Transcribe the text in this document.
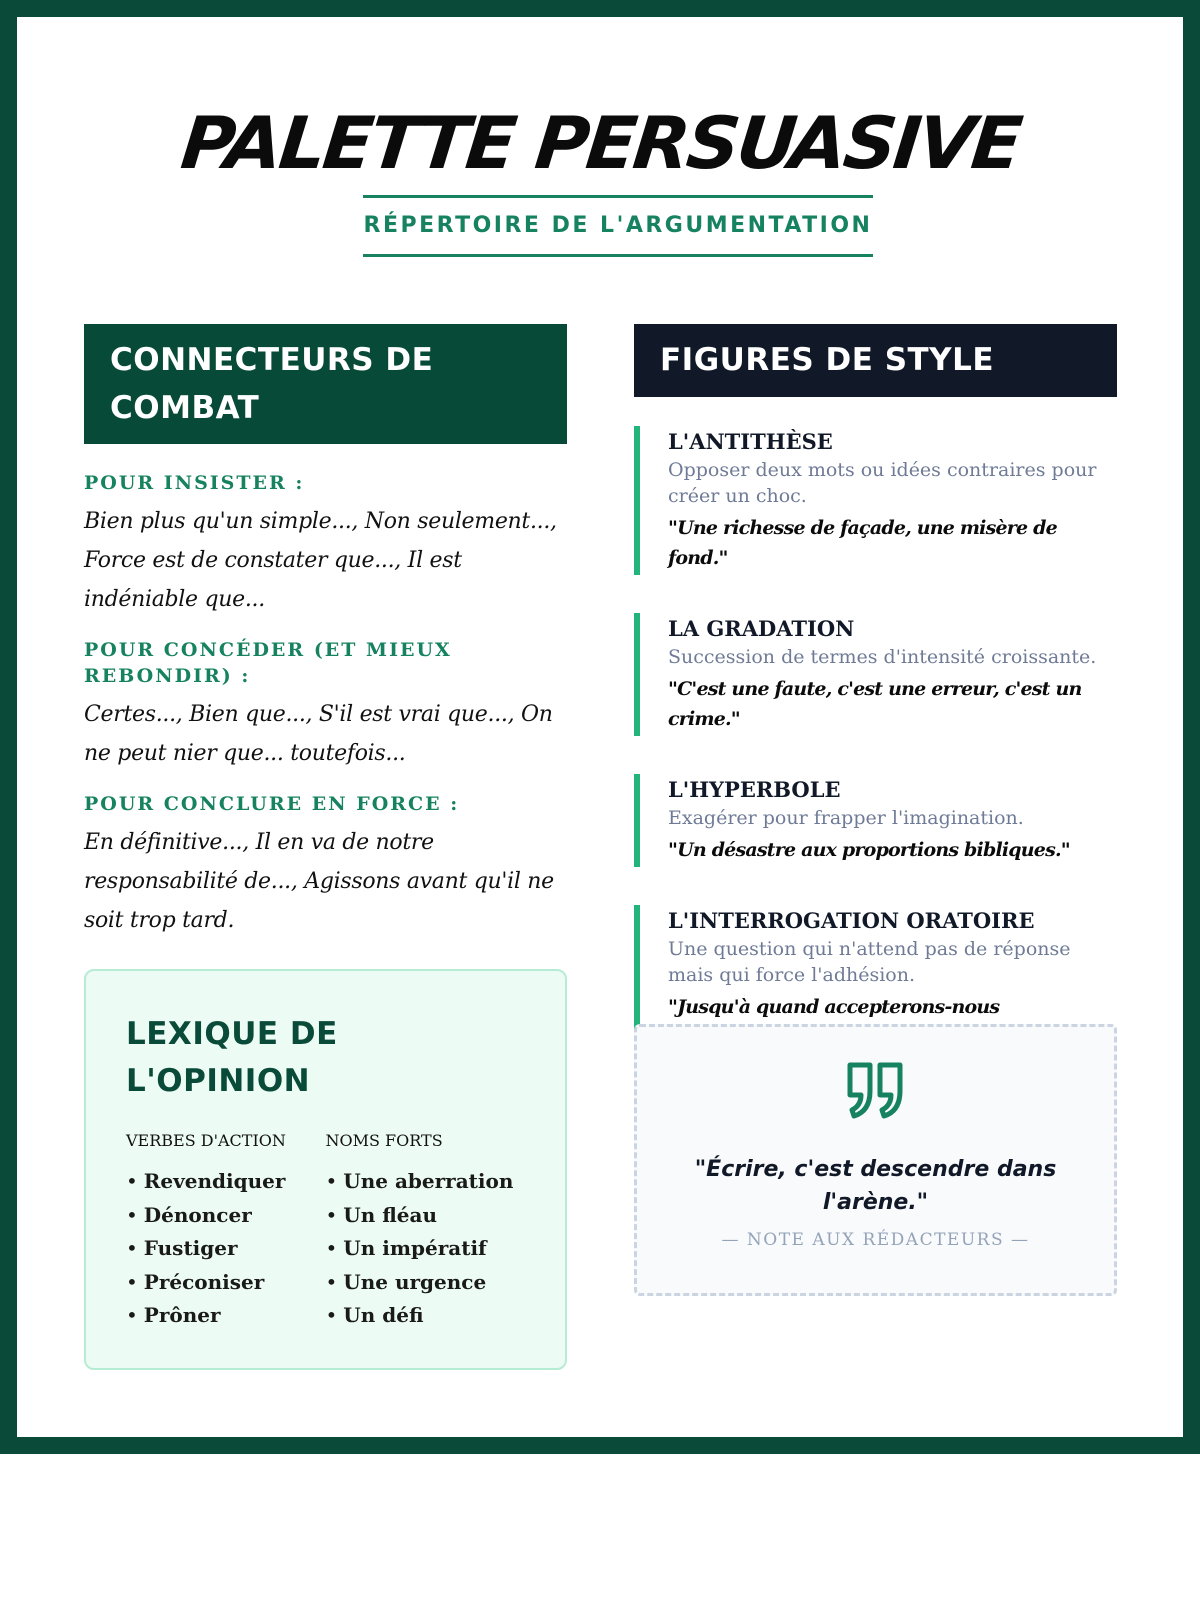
PALETTE PERSUASIVE
RÉPERTOIRE DE L'ARGUMENTATION
CONNECTEURS DE COMBAT
POUR INSISTER :
Bien plus qu'un simple..., Non seulement..., Force est de constater que..., Il est indéniable que...
POUR CONCÉDER (ET MIEUX REBONDIR) :
Certes..., Bien que..., S'il est vrai que..., On ne peut nier que... toutefois...
POUR CONCLURE EN FORCE :
En définitive..., Il en va de notre responsabilité de..., Agissons avant qu'il ne soit trop tard.
LEXIQUE DE L'OPINION
VERBES D'ACTION
• Revendiquer
• Dénoncer
• Fustiger
• Préconiser
• Prôner
NOMS FORTS
• Une aberration
• Un fléau
• Un impératif
• Une urgence
• Un défi
FIGURES DE STYLE
L'ANTITHÈSE
Opposer deux mots ou idées contraires pour créer un choc.
"Une richesse de façade, une misère de fond."
LA GRADATION
Succession de termes d'intensité croissante.
"C'est une faute, c'est une erreur, c'est un crime."
L'HYPERBOLE
Exagérer pour frapper l'imagination.
"Un désastre aux proportions bibliques."
L'INTERROGATION ORATOIRE
Une question qui n'attend pas de réponse mais qui force l'adhésion.
"Jusqu'à quand accepterons-nous
"Écrire, c'est descendre dans l'arène."
— NOTE AUX RÉDACTEURS —
